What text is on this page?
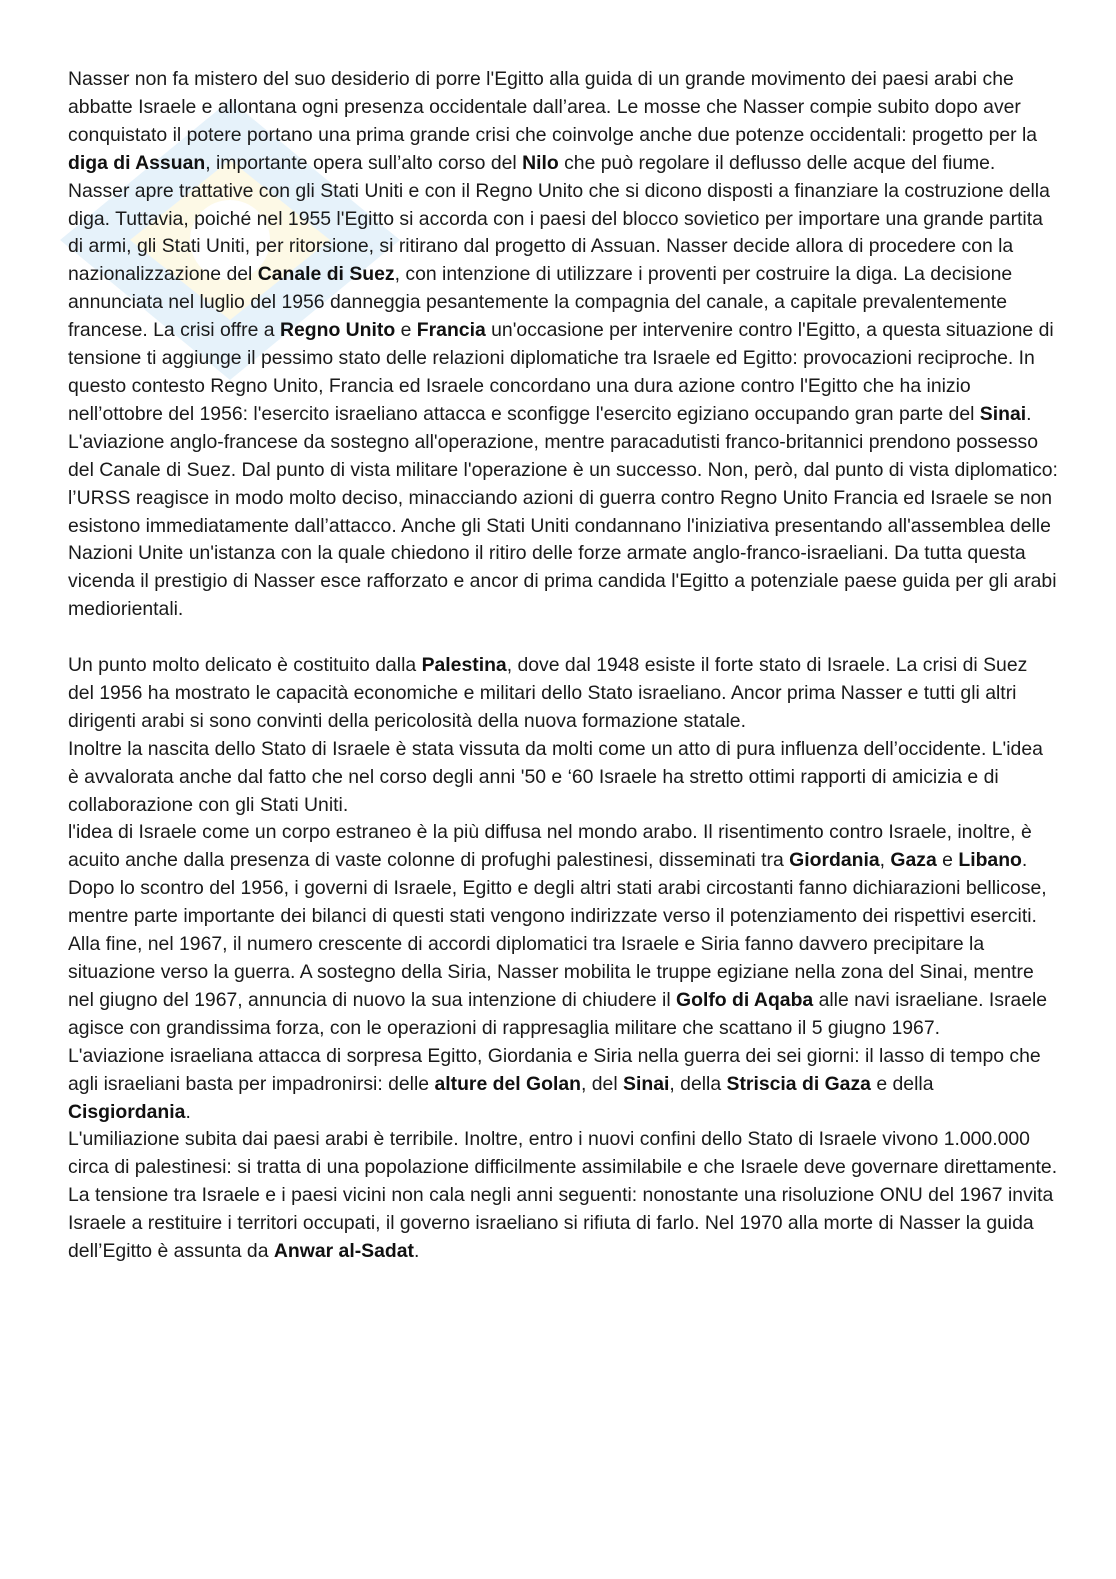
Nasser non fa mistero del suo desiderio di porre l'Egitto alla guida di un grande movimento dei paesi arabi che abbatte Israele e allontana ogni presenza occidentale dall’area. Le mosse che Nasser compie subito dopo aver conquistato il potere portano una prima grande crisi che coinvolge anche due potenze occidentali: progetto per la diga di Assuan, importante opera sull’alto corso del Nilo che può regolare il deflusso delle acque del fiume. Nasser apre trattative con gli Stati Uniti e con il Regno Unito che si dicono disposti a finanziare la costruzione della diga. Tuttavia, poiché nel 1955 l'Egitto si accorda con i paesi del blocco sovietico per importare una grande partita di armi, gli Stati Uniti, per ritorsione, si ritirano dal progetto di Assuan. Nasser decide allora di procedere con la nazionalizzazione del Canale di Suez, con intenzione di utilizzare i proventi per costruire la diga. La decisione annunciata nel luglio del 1956 danneggia pesantemente la compagnia del canale, a capitale prevalentemente francese. La crisi offre a Regno Unito e Francia un'occasione per intervenire contro l'Egitto, a questa situazione di tensione ti aggiunge il pessimo stato delle relazioni diplomatiche tra Israele ed Egitto: provocazioni reciproche. In questo contesto Regno Unito, Francia ed Israele concordano una dura azione contro l'Egitto che ha inizio nell’ottobre del 1956: l'esercito israeliano attacca e sconfigge l'esercito egiziano occupando gran parte del Sinai. L'aviazione anglo-francese da sostegno all'operazione, mentre paracadutisti franco-britannici prendono possesso del Canale di Suez. Dal punto di vista militare l'operazione è un successo. Non, però, dal punto di vista diplomatico: l’URSS reagisce in modo molto deciso, minacciando azioni di guerra contro Regno Unito Francia ed Israele se non esistono immediatamente dall’attacco. Anche gli Stati Uniti condannano l'iniziativa presentando all'assemblea delle Nazioni Unite un'istanza con la quale chiedono il ritiro delle forze armate anglo-franco-israeliani. Da tutta questa vicenda il prestigio di Nasser esce rafforzato e ancor di prima candida l'Egitto a potenziale paese guida per gli arabi mediorientali.

Un punto molto delicato è costituito dalla Palestina, dove dal 1948 esiste il forte stato di Israele. La crisi di Suez del 1956 ha mostrato le capacità economiche e militari dello Stato israeliano. Ancor prima Nasser e tutti gli altri dirigenti arabi si sono convinti della pericolosità della nuova formazione statale.

Inoltre la nascita dello Stato di Israele è stata vissuta da molti come un atto di pura influenza dell’occidente. L'idea è avvalorata anche dal fatto che nel corso degli anni '50 e ‘60 Israele ha stretto ottimi rapporti di amicizia e di collaborazione con gli Stati Uniti.

l'idea di Israele come un corpo estraneo è la più diffusa nel mondo arabo. Il risentimento contro Israele, inoltre, è acuito anche dalla presenza di vaste colonne di profughi palestinesi, disseminati tra Giordania, Gaza e Libano. Dopo lo scontro del 1956, i governi di Israele, Egitto e degli altri stati arabi circostanti fanno dichiarazioni bellicose, mentre parte importante dei bilanci di questi stati vengono indirizzate verso il potenziamento dei rispettivi eserciti. Alla fine, nel 1967, il numero crescente di accordi diplomatici tra Israele e Siria fanno davvero precipitare la situazione verso la guerra. A sostegno della Siria, Nasser mobilita le truppe egiziane nella zona del Sinai, mentre nel giugno del 1967, annuncia di nuovo la sua intenzione di chiudere il Golfo di Aqaba alle navi israeliane. Israele agisce con grandissima forza, con le operazioni di rappresaglia militare che scattano il 5 giugno 1967.

L'aviazione israeliana attacca di sorpresa Egitto, Giordania e Siria nella guerra dei sei giorni: il lasso di tempo che agli israeliani basta per impadronirsi: delle alture del Golan, del Sinai, della Striscia di Gaza e della Cisgiordania.

L'umiliazione subita dai paesi arabi è terribile. Inoltre, entro i nuovi confini dello Stato di Israele vivono 1.000.000 circa di palestinesi: si tratta di una popolazione difficilmente assimilabile e che Israele deve governare direttamente.

La tensione tra Israele e i paesi vicini non cala negli anni seguenti: nonostante una risoluzione ONU del 1967 invita Israele a restituire i territori occupati, il governo israeliano si rifiuta di farlo. Nel 1970 alla morte di Nasser la guida dell’Egitto è assunta da Anwar al-Sadat.
